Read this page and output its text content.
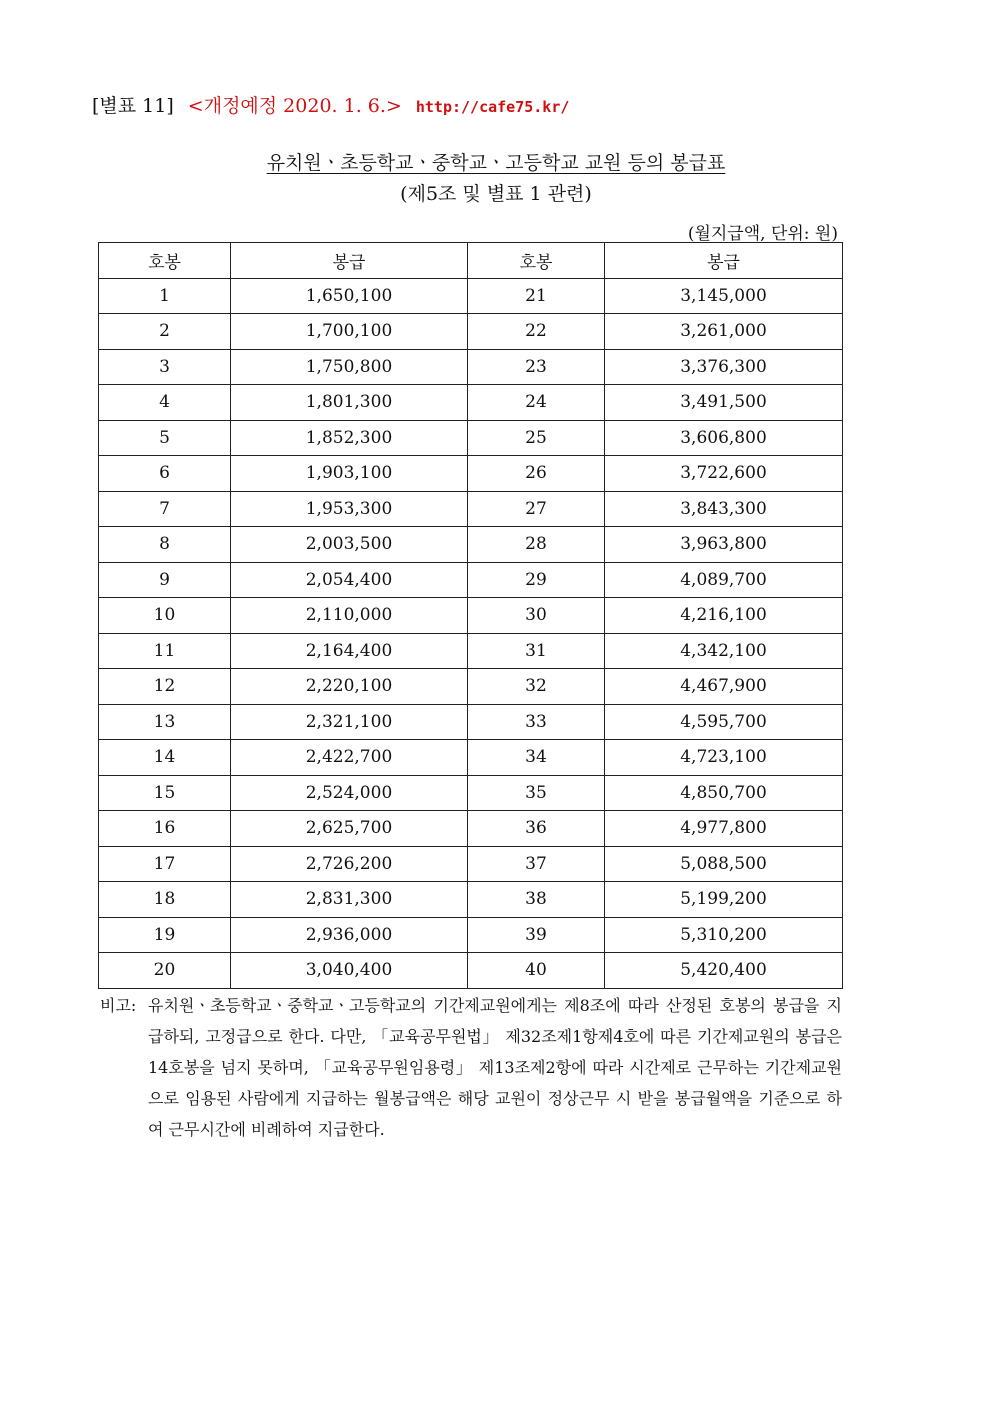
[별표 11] <개정예정 2020. 1. 6.> http://cafe75.kr/
유치원ㆍ초등학교ㆍ중학교ㆍ고등학교 교원 등의 봉급표
(제5조 및 별표 1 관련)
(월지급액, 단위: 원)
호봉	봉급	호봉	봉급
1	1,650,100	21	3,145,000
2	1,700,100	22	3,261,000
3	1,750,800	23	3,376,300
4	1,801,300	24	3,491,500
5	1,852,300	25	3,606,800
6	1,903,100	26	3,722,600
7	1,953,300	27	3,843,300
8	2,003,500	28	3,963,800
9	2,054,400	29	4,089,700
10	2,110,000	30	4,216,100
11	2,164,400	31	4,342,100
12	2,220,100	32	4,467,900
13	2,321,100	33	4,595,700
14	2,422,700	34	4,723,100
15	2,524,000	35	4,850,700
16	2,625,700	36	4,977,800
17	2,726,200	37	5,088,500
18	2,831,300	38	5,199,200
19	2,936,000	39	5,310,200
20	3,040,400	40	5,420,400
비고: 유치원ㆍ초등학교ㆍ중학교ㆍ고등학교의 기간제교원에게는 제8조에 따라 산정된 호봉의 봉급을 지급하되, 고정급으로 한다. 다만, 「교육공무원법」 제32조제1항제4호에 따른 기간제교원의 봉급은 14호봉을 넘지 못하며, 「교육공무원임용령」 제13조제2항에 따라 시간제로 근무하는 기간제교원으로 임용된 사람에게 지급하는 월봉급액은 해당 교원이 정상근무 시 받을 봉급월액을 기준으로 하여 근무시간에 비례하여 지급한다.
